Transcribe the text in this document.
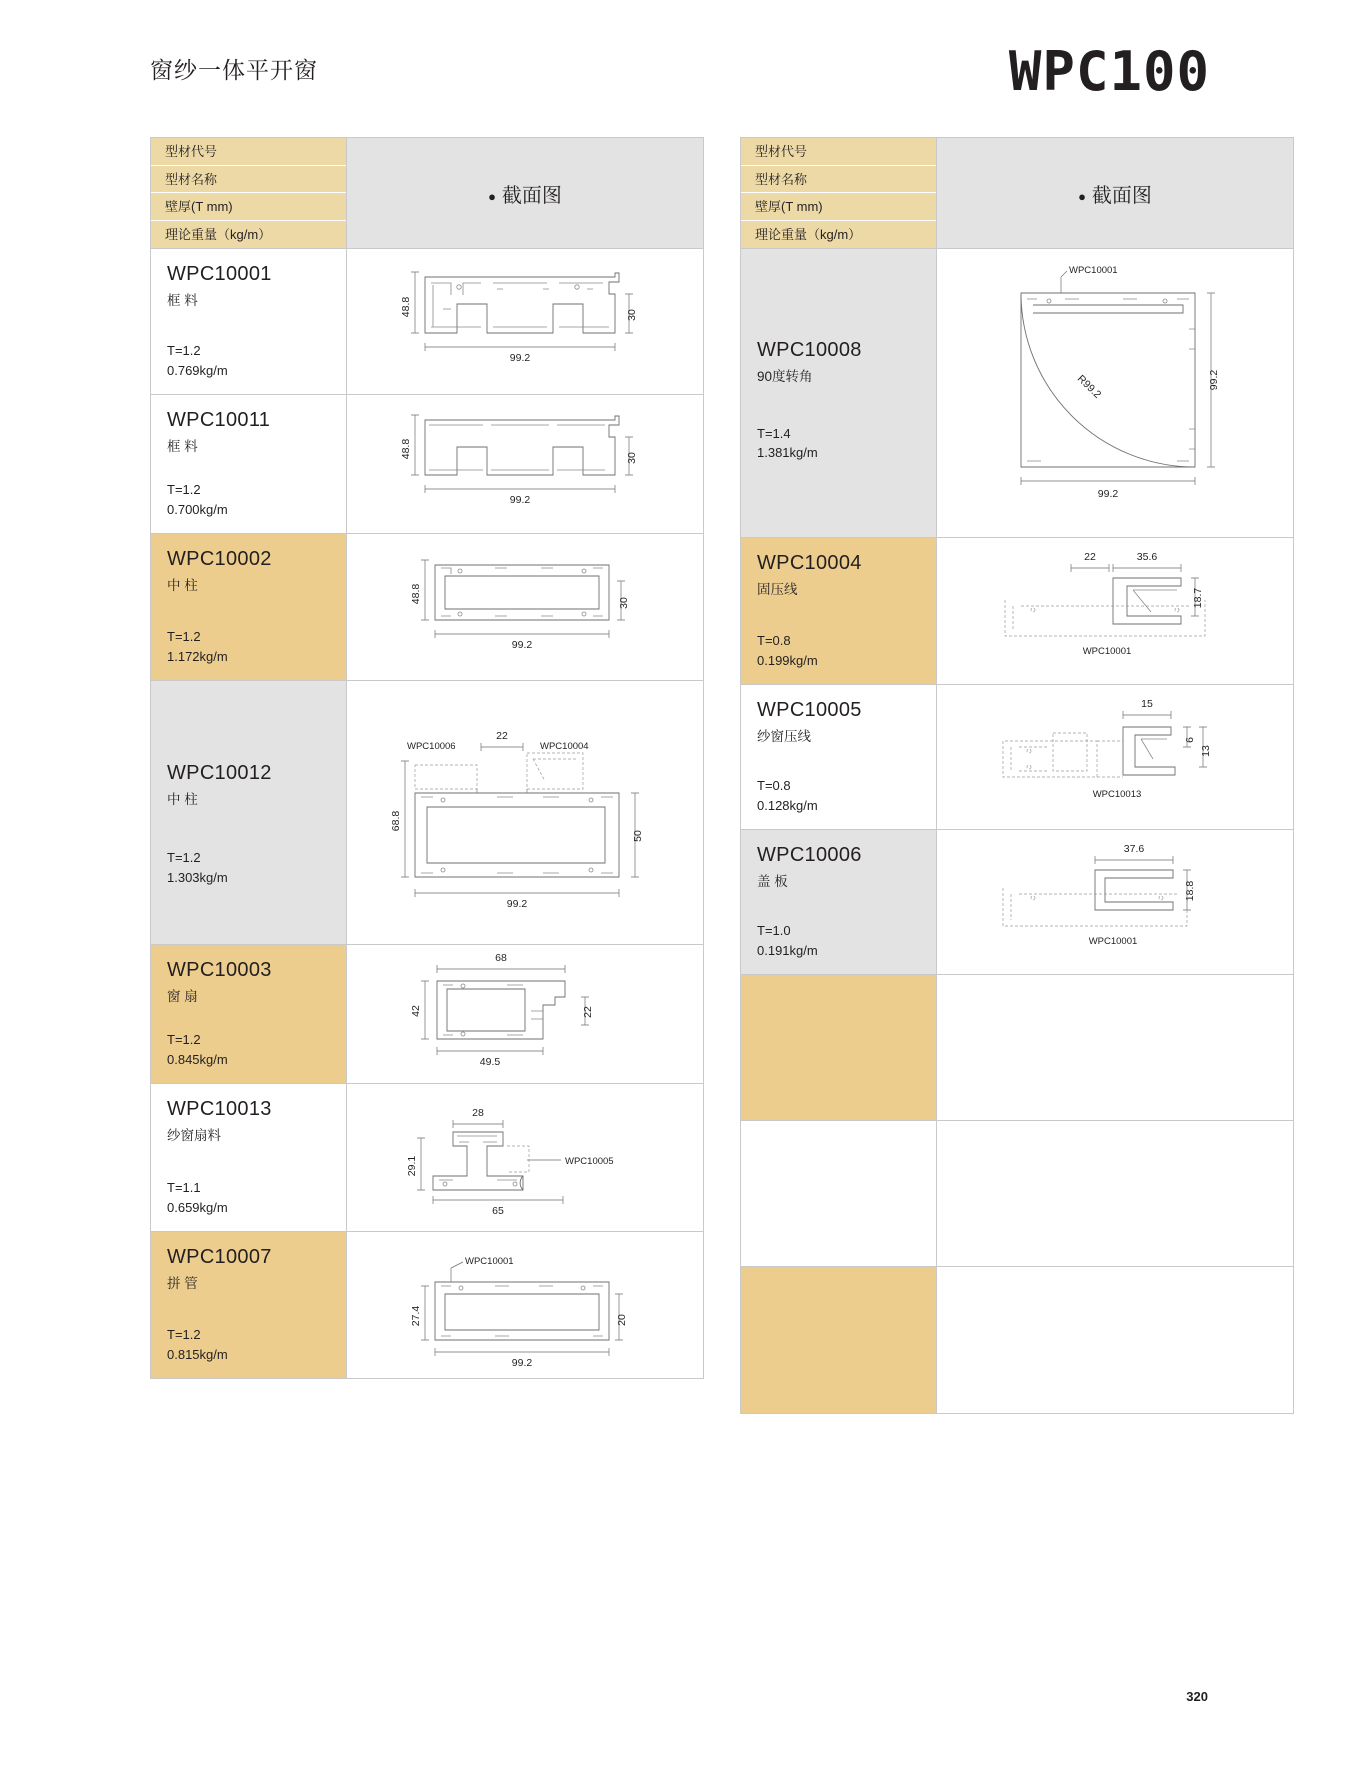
窗纱一体平开窗	WPC100
型材代号
型材名称
壁厚(T mm)
理论重量（kg/m）
● 截面图

WPC10001

框 料

T=1.2

0.769kg/m

48.8	30
99.2

WPC10011

框 料

T=1.2

0.700kg/m

48.8	30
99.2

WPC10002

中 柱

T=1.2

1.172kg/m

48.8	30
99.2

WPC10012

中 柱

T=1.2

1.303kg/m

WPC10006	WPC10004
22
68.8
50
99.2

WPC10003

窗 扇

T=1.2

0.845kg/m

68
42	22
49.5

WPC10013

纱窗扇料

T=1.1

0.659kg/m

28
29.1
65
WPC10005

WPC10007

拼 管

T=1.2

0.815kg/m

WPC10001
27.4	20
99.2
型材代号
型材名称
壁厚(T mm)
理论重量（kg/m）
● 截面图

WPC10008

90度转角

T=1.4

1.381kg/m

WPC10001
99.2
99.2
R99.2

WPC10004

固压线

T=0.8

0.199kg/m

22	35.6
18.7
WPC10001

WPC10005

纱窗压线

T=0.8

0.128kg/m

15
6
13
WPC10013

WPC10006

盖 板

T=1.0

0.191kg/m

37.6
18.8
WPC10001
320
